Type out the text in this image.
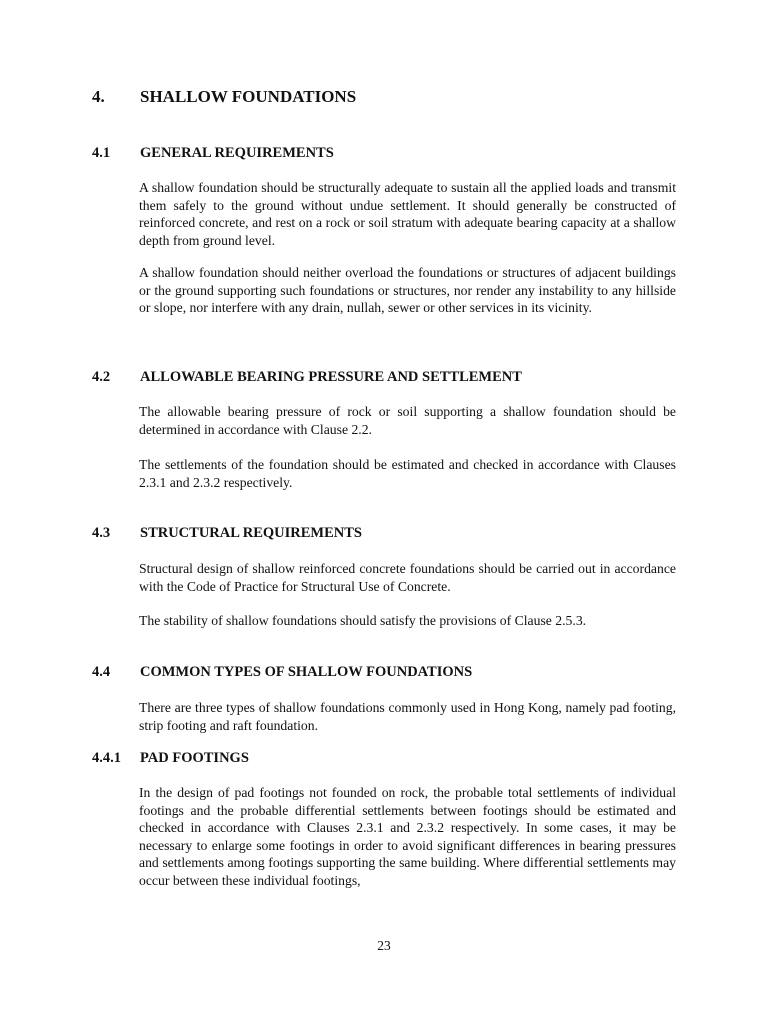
4. SHALLOW FOUNDATIONS
4.1 GENERAL REQUIREMENTS

A shallow foundation should be structurally adequate to sustain all the applied loads and transmit them safely to the ground without undue settlement. It should generally be constructed of reinforced concrete, and rest on a rock or soil stratum with adequate bearing capacity at a shallow depth from ground level.

A shallow foundation should neither overload the foundations or structures of adjacent buildings or the ground supporting such foundations or structures, nor render any instability to any hillside or slope, nor interfere with any drain, nullah, sewer or other services in its vicinity.

4.2 ALLOWABLE BEARING PRESSURE AND SETTLEMENT

The allowable bearing pressure of rock or soil supporting a shallow foundation should be determined in accordance with Clause 2.2.

The settlements of the foundation should be estimated and checked in accordance with Clauses 2.3.1 and 2.3.2 respectively.

4.3 STRUCTURAL REQUIREMENTS

Structural design of shallow reinforced concrete foundations should be carried out in accordance with the Code of Practice for Structural Use of Concrete.

The stability of shallow foundations should satisfy the provisions of Clause 2.5.3.

4.4 COMMON TYPES OF SHALLOW FOUNDATIONS

There are three types of shallow foundations commonly used in Hong Kong, namely pad footing, strip footing and raft foundation.

4.4.1 PAD FOOTINGS

In the design of pad footings not founded on rock, the probable total settlements of individual footings and the probable differential settlements between footings should be estimated and checked in accordance with Clauses 2.3.1 and 2.3.2 respectively. In some cases, it may be necessary to enlarge some footings in order to avoid significant differences in bearing pressures and settlements among footings supporting the same building. Where differential settlements may occur between these individual footings,

23
